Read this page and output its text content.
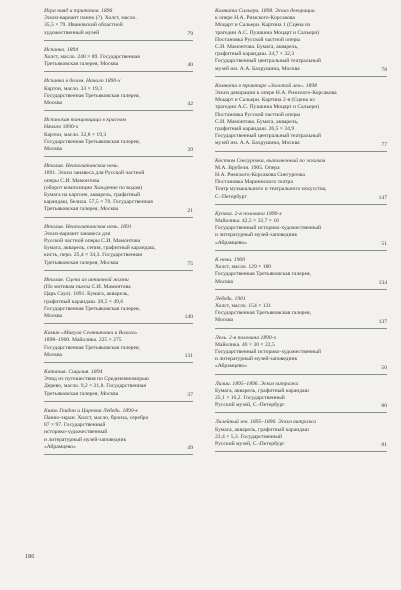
Игра наяд и тритонов. 1896
Эскиз-вариант панно (?). Холст, масло.
35,5 × 79. Ивановский областной
художественный музей	79
Испанка. 1894
Холст, масло. 248 × 89. Государственная
Третьяковская галерея, Москва	40
Испанка в белом. Начало 1890-х
Картон, масло. 33 × 19,3
Государственная Третьяковская галерея,
Москва	42
Испанская танцовщица в красном
Начало 1890-х
Картон, масло. 32,8 × 19,3
Государственная Третьяковская галерея,
Москва	39
Италия. Неаполитанская ночь.
1891. Эскиз занавеса для Русской частной
оперы С.И. Мамонтова
(оборот композиции Хождение по водам)
Бумага на картоне, акварель, графитный
карандаш, белила. 57,5 × 70. Государственная
Третьяковская галерея, Москва	21
Италия. Неаполитанская ночь. 1891
Эскиз-вариант занавеса для
Русской частной оперы С.И. Мамонтова
Бумага, акварель, сепия, графитный карандаш,
кисть, перо. 25,4 × 34,3. Государственная
Третьяковская галерея, Москва	75
Италия. Сцена из античной жизни
(По мотивам пьесы С.И. Мамонтова
Царь Саул). 1891. Бумага, акварель,
графитный карандаш. 28,5 × 49,6
Государственная Третьяковская галерея,
Москва	140
Камин «Микула Селянинович и Вольга»
1898–1900. Майолика. 225 × 275
Государственная Третьяковская галерея,
Москва	131
Катания. Сицилия. 1894
Этюд из путешествия по Средиземноморью
Дерево, масло. 9,2 × 21,8. Государственная
Третьяковская галерея, Москва	37
Князь Гвидон и Царевна Лебедь. 1890-е
Панно-экран. Холст, масло, бронза, серебро
87 × 97. Государственный
историко-художественный
и литературный музей-заповедник
«Абрамцево»	49
Комната Сальери. 1898. Эскиз декорации
к опере Н.А. Римского-Корсакова
Моцарт и Сальери. Картина 1 (Сцена из
трагедии А.С. Пушкина Моцарт и Сальери)
Постановка Русской частной оперы
С.И. Мамонтова. Бумага, акварель,
графитный карандаш. 24,7 × 32,3
Государственный центральный театральный
музей им. А.А. Бахрушина, Москва	78
Комната в трактире «Золотой лев». 1898
Эскиз декорации к опере Н.А. Римского-Корсакова
Моцарт и Сальери. Картина 2-я (Сцена из
трагедии А.С. Пушкина Моцарт и Сальери)
Постановка Русской частной оперы
С.И. Мамонтова. Бумага, акварель,
графитный карандаш. 26,5 × 34,9
Государственный центральный театральный
музей им. А.А. Бахрушина, Москва	77
Костюм Снегурочки, выполненный по эскизам
М.А. Врубеля. 1905. Опера
Н.А. Римского-Корсакова Снегурочка
Постановка Мариинского театра
Театр музыкального и театрального искусства,
С.-Петербург	147
Купава. 2-я половина 1890-х
Майолика. 42,5 × 32,7 × 16
Государственный историко-художественный
и литературный музей-заповедник
«Абрамцево»	51
К ночи. 1900
Холст, масло. 129 × 180
Государственная Третьяковская галерея,
Москва	134
Лебедь. 1901
Холст, масло. 154 × 131
Государственная Третьяковская галерея,
Москва	137
Лель. 2-я половина 1890-х
Майолика. 46 × 30 × 22,5
Государственный историко-художественный
и литературный музей-заповедник
«Абрамцево»	50
Лилии. 1895–1896. Эскиз витража
Бумага, акварель, графитный карандаш
25,1 × 16,2. Государственный
Русский музей, С.-Петербург	80
Лилейный зев. 1895–1896. Эскиз витража
Бумага, акварель, графитный карандаш
22,4 × 5,3. Государственный
Русский музей, С.-Петербург	81
186
